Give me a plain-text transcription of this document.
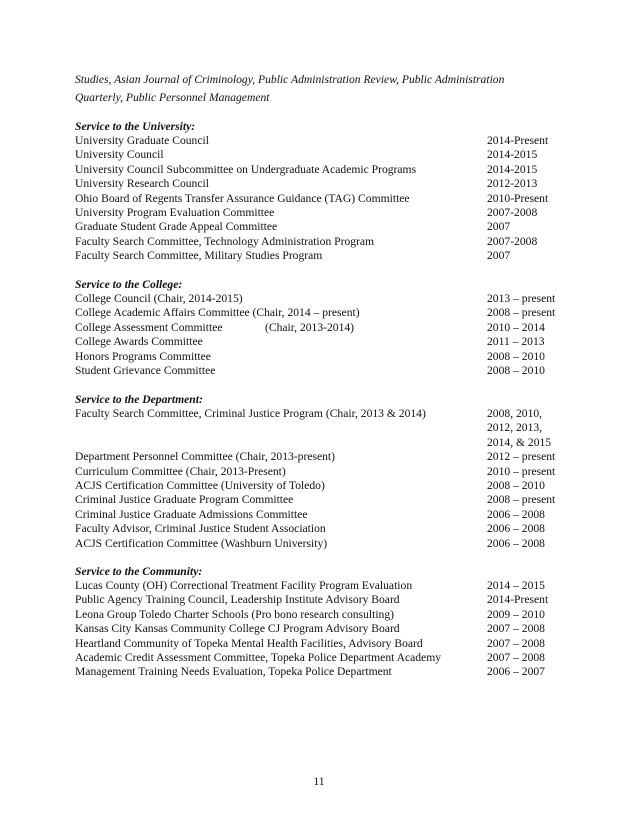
Studies, Asian Journal of Criminology, Public Administration Review, Public Administration
Quarterly, Public Personnel Management
Service to the University:
University Graduate Council	2014-Present
University Council	2014-2015
University Council Subcommittee on Undergraduate Academic Programs	2014-2015
University Research Council	2012-2013
Ohio Board of Regents Transfer Assurance Guidance (TAG) Committee	2010-Present
University Program Evaluation Committee	2007-2008
Graduate Student Grade Appeal Committee	2007
Faculty Search Committee, Technology Administration Program	2007-2008
Faculty Search Committee, Military Studies Program	2007
Service to the College:
College Council (Chair, 2014-2015)	2013 – present
College Academic Affairs Committee (Chair, 2014 – present)	2008 – present
College Assessment Committee	(Chair, 2013-2014)	2010 – 2014
College Awards Committee	2011 – 2013
Honors Programs Committee	2008 – 2010
Student Grievance Committee	2008 – 2010
Service to the Department:
Faculty Search Committee, Criminal Justice Program (Chair, 2013 & 2014)	2008, 2010,
2012, 2013,
2014, & 2015
Department Personnel Committee (Chair, 2013-present)	2012 – present
Curriculum Committee (Chair, 2013-Present)	2010 – present
ACJS Certification Committee (University of Toledo)	2008 – 2010
Criminal Justice Graduate Program Committee	2008 – present
Criminal Justice Graduate Admissions Committee	2006 – 2008
Faculty Advisor, Criminal Justice Student Association	2006 – 2008
ACJS Certification Committee (Washburn University)	2006 – 2008
Service to the Community:
Lucas County (OH) Correctional Treatment Facility Program Evaluation	2014 – 2015
Public Agency Training Council, Leadership Institute Advisory Board	2014-Present
Leona Group Toledo Charter Schools (Pro bono research consulting)	2009 – 2010
Kansas City Kansas Community College CJ Program Advisory Board	2007 – 2008
Heartland Community of Topeka Mental Health Facilities, Advisory Board	2007 – 2008
Academic Credit Assessment Committee, Topeka Police Department Academy	2007 – 2008
Management Training Needs Evaluation, Topeka Police Department	2006 – 2007
11
